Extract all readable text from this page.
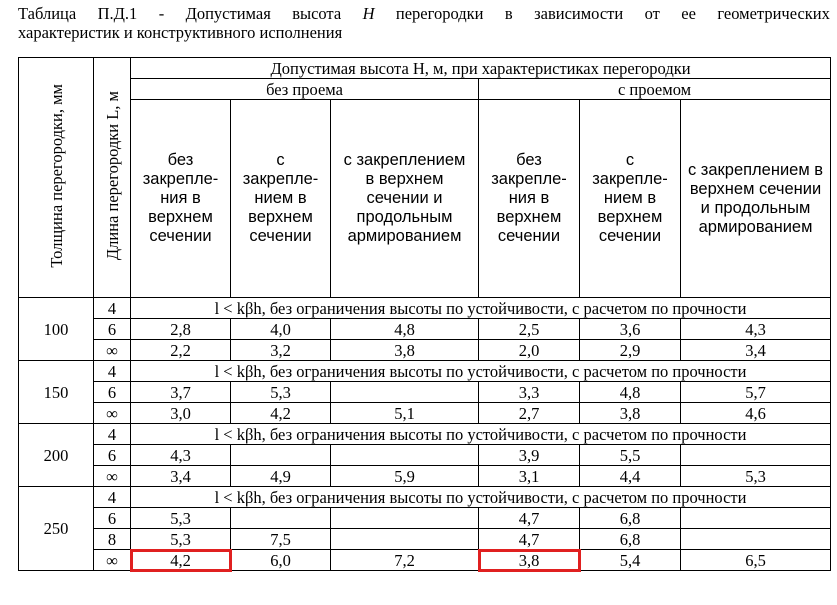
Таблица П.Д.1 - Допустимая высота H перегородки в зависимости от ее геометрических
характеристик и конструктивного исполнения
Толщина перегородки, мм	Длина перегородки L, м	Допустимая высота H, м, при характеристиках перегородки					
		без проема			с проемом		
		без закрепле-ния в верхнем сечении	с закрепле-нием в верхнем сечении	с закреплением в верхнем сечении и продольным армированием	без закрепле-ния в верхнем сечении	с закрепле-нием в верхнем сечении	с закреплением в верхнем сечении и продольным армированием
100	4	l < kβh, без ограничения высоты по устойчивости, с расчетом по прочности					
	6	2,8	4,0	4,8	2,5	3,6	4,3
	∞	2,2	3,2	3,8	2,0	2,9	3,4
150	4	l < kβh, без ограничения высоты по устойчивости, с расчетом по прочности					
	6	3,7	5,3		3,3	4,8	5,7
	∞	3,0	4,2	5,1	2,7	3,8	4,6
200	4	l < kβh, без ограничения высоты по устойчивости, с расчетом по прочности					
	6	4,3			3,9	5,5	
	∞	3,4	4,9	5,9	3,1	4,4	5,3
250	4	l < kβh, без ограничения высоты по устойчивости, с расчетом по прочности					
	6	5,3			4,7	6,8	
	8	5,3	7,5		4,7	6,8	
	∞	4,2	6,0	7,2	3,8	5,4	6,5
